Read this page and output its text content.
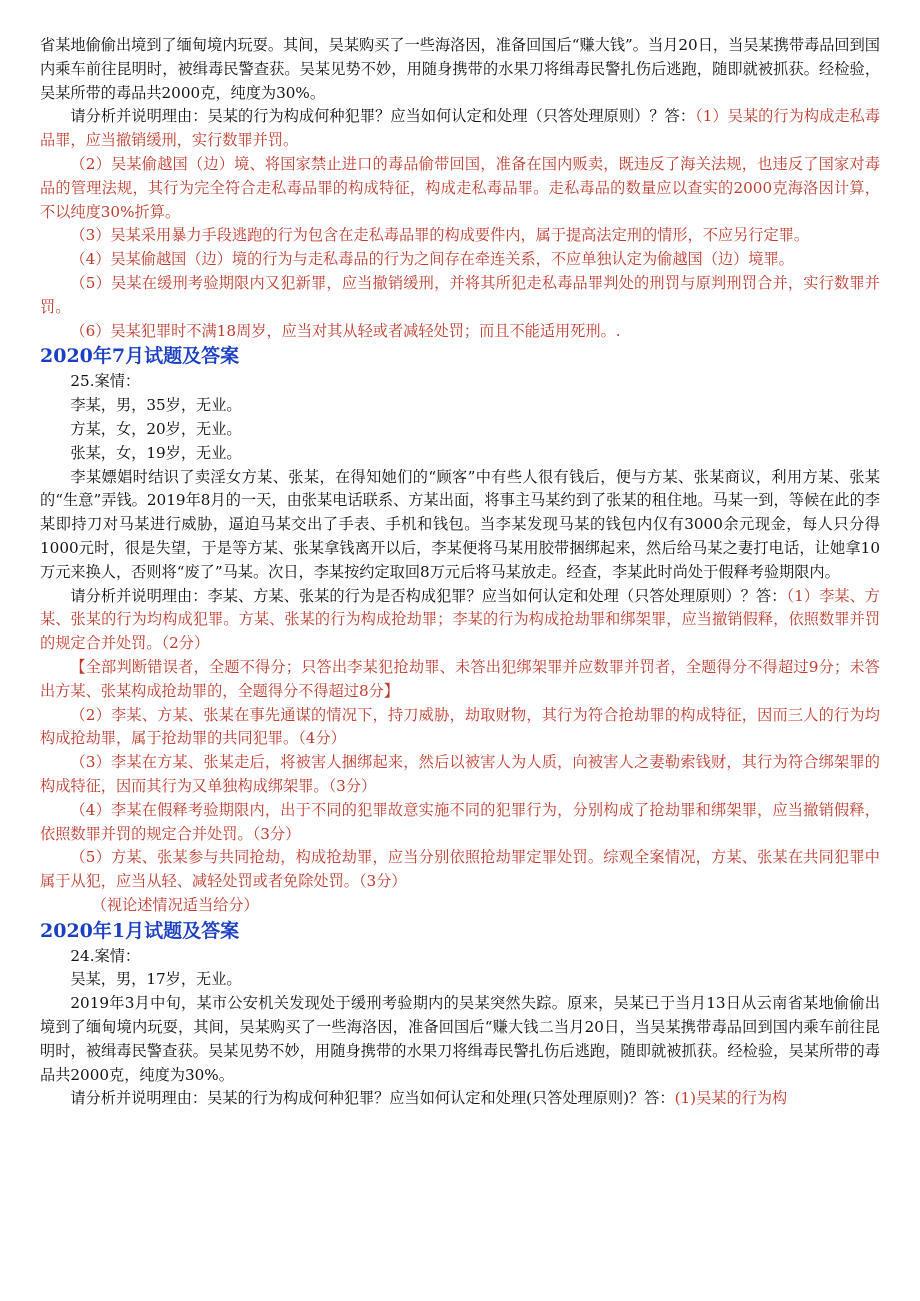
省某地偷偷出境到了缅甸境内玩耍。其间，吴某购买了一些海洛因，准备回国后“赚大钱”。当月20日，当吴某携带毒品回到国内乘车前往昆明时，被缉毒民警查获。吴某见势不妙，用随身携带的水果刀将缉毒民警扎伤后逃跑，随即就被抓获。经检验，吴某所带的毒品共2000克，纯度为30%。

请分析并说明理由：吴某的行为构成何种犯罪？应当如何认定和处理（只答处理原则）？答：（1）吴某的行为构成走私毒品罪，应当撤销缓刑，实行数罪并罚。

（2）吴某偷越国（边）境、将国家禁止进口的毒品偷带回国，准备在国内贩卖，既违反了海关法规，也违反了国家对毒品的管理法规，其行为完全符合走私毒品罪的构成特征，构成走私毒品罪。走私毒品的数量应以查实的2000克海洛因计算，不以纯度30%折算。

（3）吴某采用暴力手段逃跑的行为包含在走私毒品罪的构成要件内，属于提高法定刑的情形，不应另行定罪。

（4）吴某偷越国（边）境的行为与走私毒品的行为之间存在牵连关系，不应单独认定为偷越国（边）境罪。

（5）吴某在缓刑考验期限内又犯新罪，应当撤销缓刑，并将其所犯走私毒品罪判处的刑罚与原判刑罚合并，实行数罪并罚。

（6）吴某犯罪时不满18周岁，应当对其从轻或者减轻处罚；而且不能适用死刑。.

2020年7月试题及答案

25.案情：

李某，男，35岁，无业。

方某，女，20岁，无业。

张某，女，19岁，无业。

李某嫖娼时结识了卖淫女方某、张某，在得知她们的“顾客”中有些人很有钱后，便与方某、张某商议，利用方某、张某的“生意”弄钱。2019年8月的一天，由张某电话联系、方某出面，将事主马某约到了张某的租住地。马某一到，等候在此的李某即持刀对马某进行威胁，逼迫马某交出了手表、手机和钱包。当李某发现马某的钱包内仅有3000余元现金，每人只分得1000元时，很是失望，于是等方某、张某拿钱离开以后，李某便将马某用胶带捆绑起来，然后给马某之妻打电话，让她拿10万元来换人，否则将“废了”马某。次日，李某按约定取回8万元后将马某放走。经查，李某此时尚处于假释考验期限内。

请分析并说明理由：李某、方某、张某的行为是否构成犯罪？应当如何认定和处理（只答处理原则）？答：（1）李某、方某、张某的行为均构成犯罪。方某、张某的行为构成抢劫罪；李某的行为构成抢劫罪和绑架罪，应当撤销假释，依照数罪并罚的规定合并处罚。（2分）

【全部判断错误者，全题不得分；只答出李某犯抢劫罪、未答出犯绑架罪并应数罪并罚者，全题得分不得超过9分；未答出方某、张某构成抢劫罪的，全题得分不得超过8分】

（2）李某、方某、张某在事先通谋的情况下，持刀威胁，劫取财物，其行为符合抢劫罪的构成特征，因而三人的行为均构成抢劫罪，属于抢劫罪的共同犯罪。（4分）

（3）李某在方某、张某走后，将被害人捆绑起来，然后以被害人为人质，向被害人之妻勒索钱财，其行为符合绑架罪的构成特征，因而其行为又单独构成绑架罪。（3分）

（4）李某在假释考验期限内，出于不同的犯罪故意实施不同的犯罪行为，分别构成了抢劫罪和绑架罪，应当撤销假释，依照数罪并罚的规定合并处罚。（3分）

（5）方某、张某参与共同抢劫，构成抢劫罪，应当分别依照抢劫罪定罪处罚。综观全案情况，方某、张某在共同犯罪中属于从犯，应当从轻、减轻处罚或者免除处罚。（3分）

（视论述情况适当给分）

2020年1月试题及答案

24.案情：

吴某，男，17岁，无业。

2019年3月中旬，某市公安机关发现处于缓刑考验期内的吴某突然失踪。原来，吴某已于当月13日从云南省某地偷偷出境到了缅甸境内玩耍，其间，吴某购买了一些海洛因，准备回国后“赚大钱二当月20日，当吴某携带毒品回到国内乘车前往昆明时，被缉毒民警查获。吴某见势不妙，用随身携带的水果刀将缉毒民警扎伤后逃跑，随即就被抓获。经检验，吴某所带的毒品共2000克，纯度为30%。

请分析并说明理由：吴某的行为构成何种犯罪？应当如何认定和处理(只答处理原则)？答：(1)吴某的行为构
